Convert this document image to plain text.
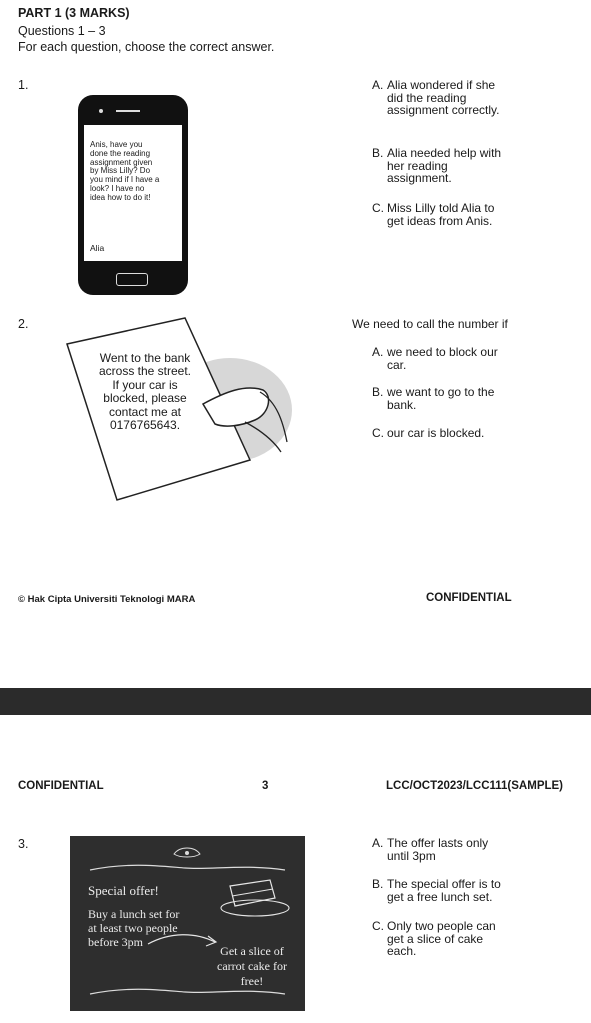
PART 1 (3 MARKS)
Questions 1 – 3
For each question, choose the correct answer.
1.
Anis, have you
done the reading
assignment given
by Miss Lilly? Do
you mind if I have a
look? I have no
idea how to do it!
Alia
A. Alia wondered if she
did the reading
assignment correctly.
B. Alia needed help with
her reading
assignment.
C. Miss Lilly told Alia to
get ideas from Anis.
2.
Went to the bank
across the street.
If your car is
blocked, please
contact me at
0176765643.
We need to call the number if
A. we need to block our
car.
B. we want to go to the
bank.
C. our car is blocked.
© Hak Cipta Universiti Teknologi MARA	CONFIDENTIAL
CONFIDENTIAL	3	LCC/OCT2023/LCC111(SAMPLE)
3.
Special offer!
Buy a lunch set for
at least two people
before 3pm
Get a slice of
carrot cake for
free!
A. The offer lasts only
until 3pm
B. The special offer is to
get a free lunch set.
C. Only two people can
get a slice of cake
each.
